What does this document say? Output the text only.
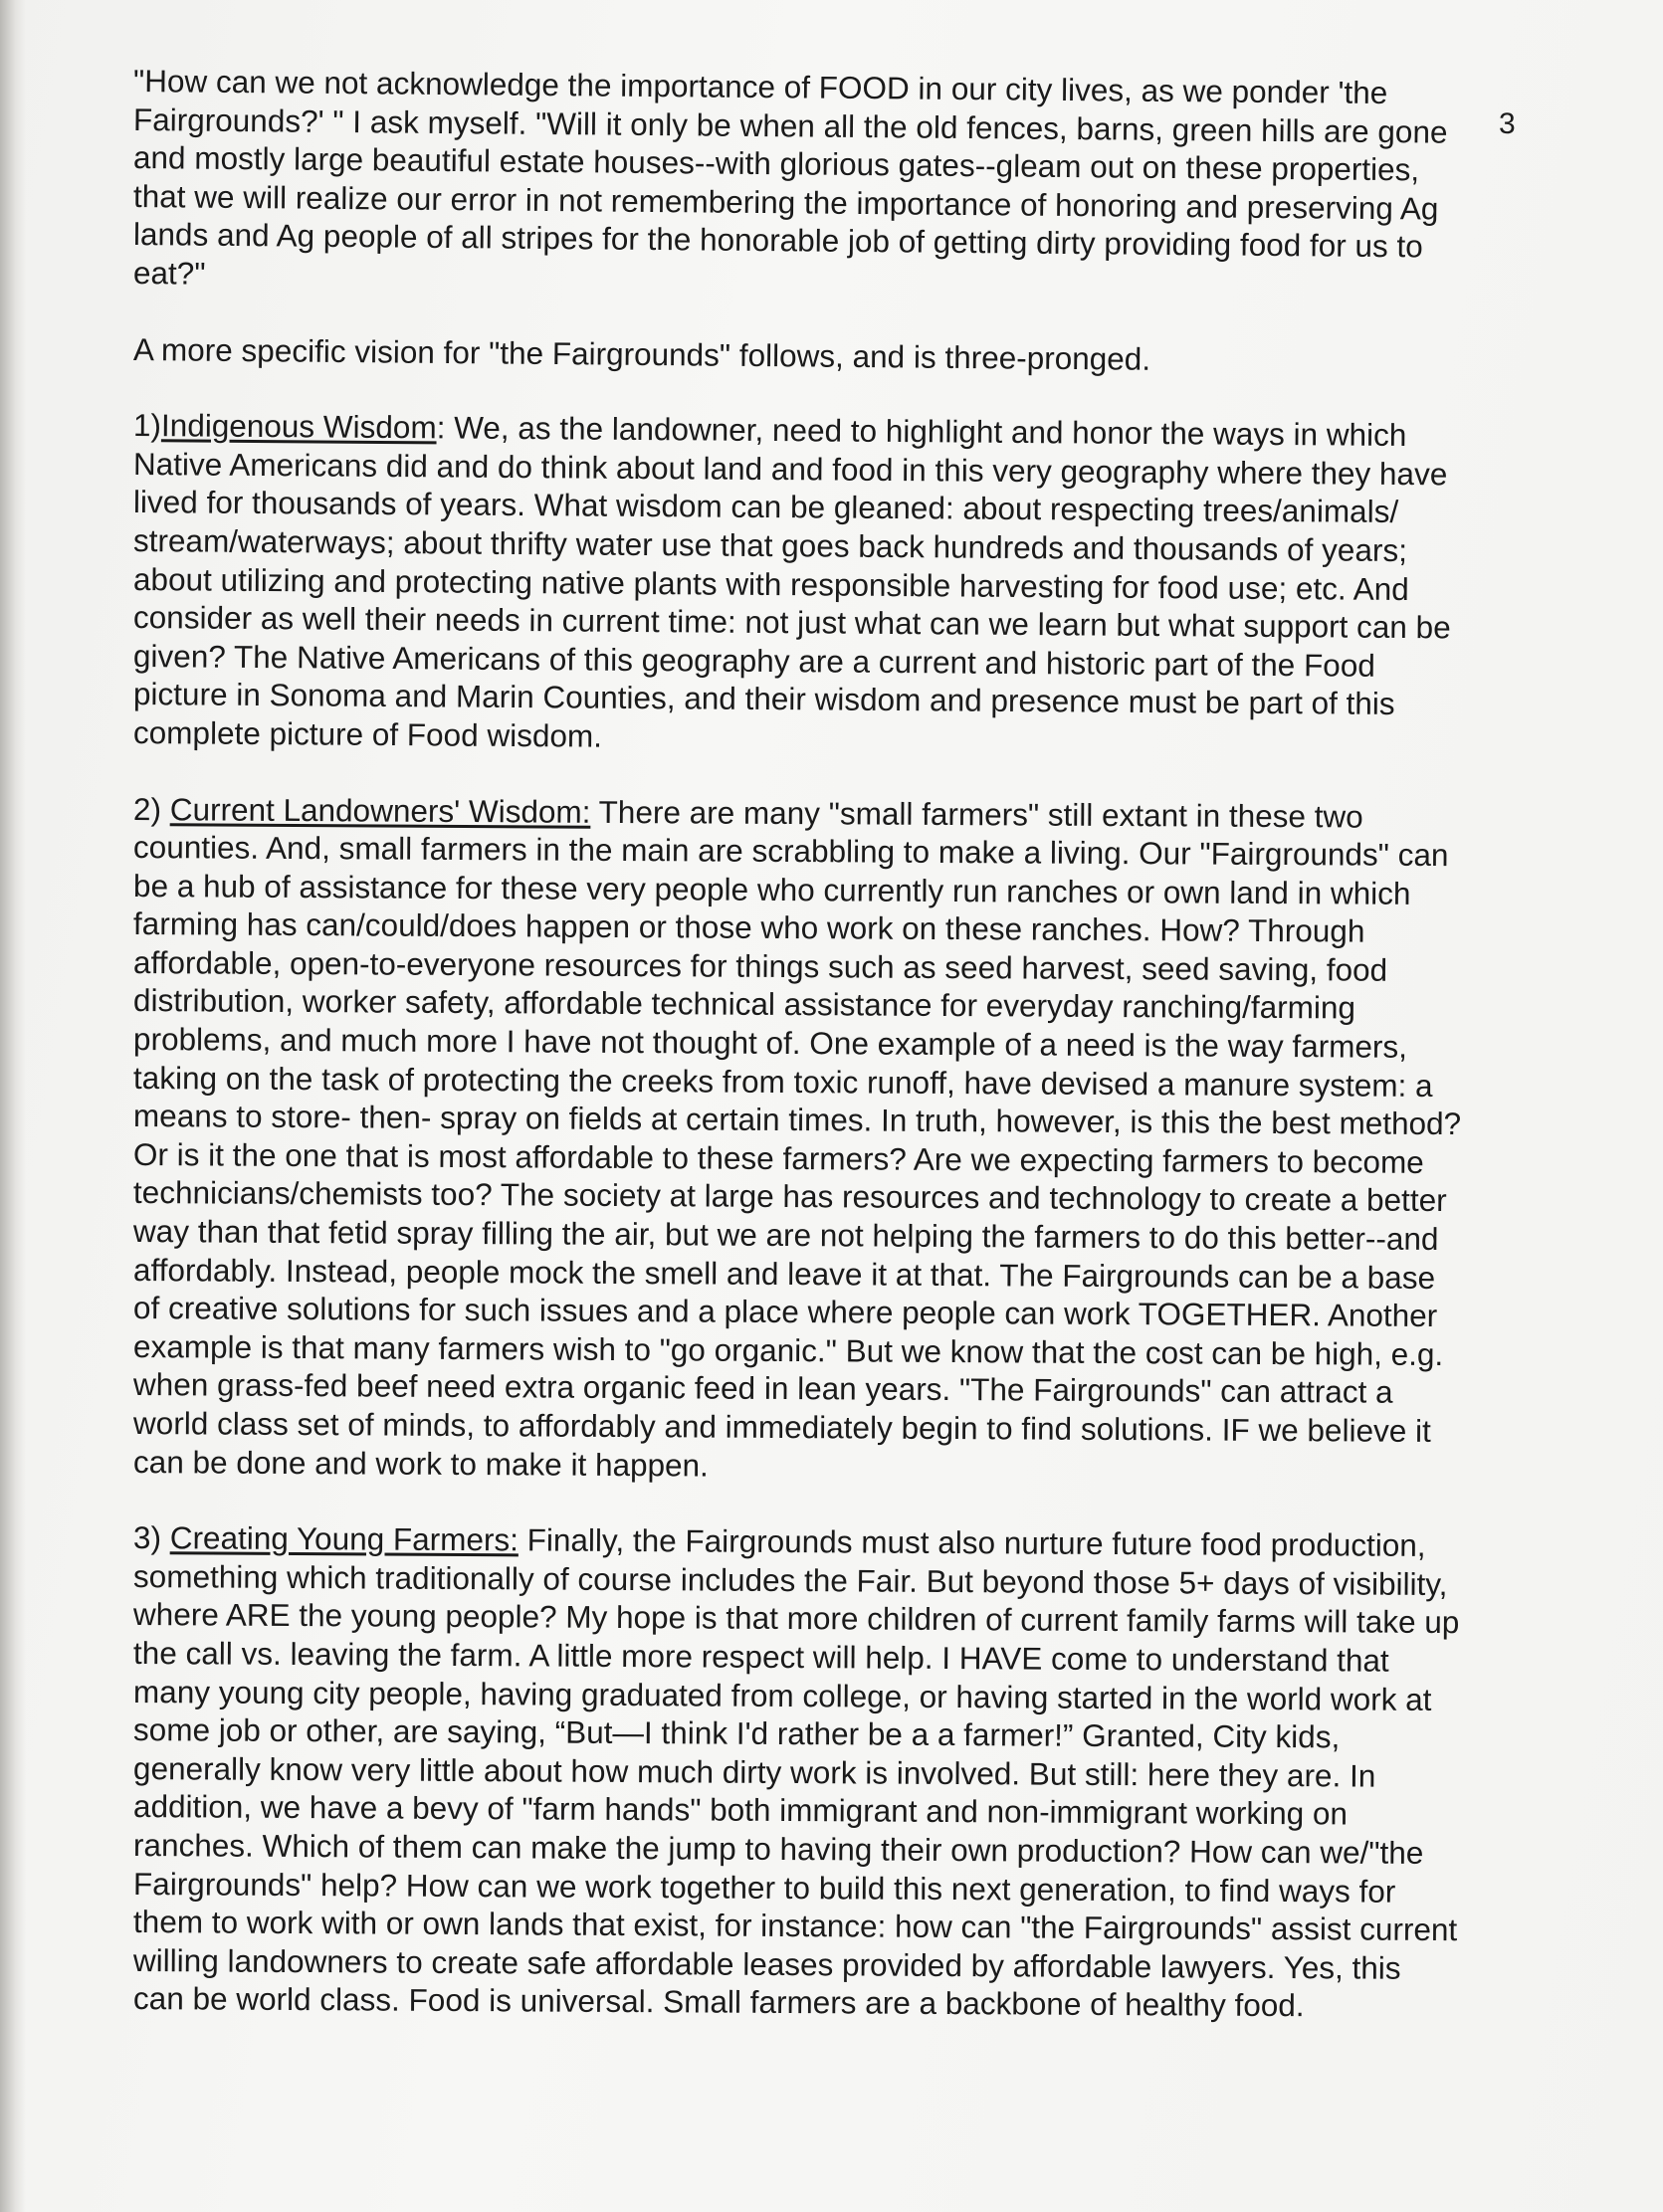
3
"How can we not acknowledge the importance of FOOD in our city lives, as we ponder 'the
Fairgrounds?' " I ask myself. "Will it only be when all the old fences, barns, green hills are gone
and mostly large beautiful estate houses--with glorious gates--gleam out on these properties,
that we will realize our error in not remembering the importance of honoring and preserving Ag
lands and Ag people of all stripes for the honorable job of getting dirty providing food for us to
eat?"
A more specific vision for "the Fairgrounds" follows, and is three-pronged.
1)Indigenous Wisdom: We, as the landowner, need to highlight and honor the ways in which
Native Americans did and do think about land and food in this very geography where they have
lived for thousands of years. What wisdom can be gleaned: about respecting trees/animals/
stream/waterways; about thrifty water use that goes back hundreds and thousands of years;
about utilizing and protecting native plants with responsible harvesting for food use; etc. And
consider as well their needs in current time: not just what can we learn but what support can be
given? The Native Americans of this geography are a current and historic part of the Food
picture in Sonoma and Marin Counties, and their wisdom and presence must be part of this
complete picture of Food wisdom.
2) Current Landowners' Wisdom: There are many "small farmers" still extant in these two
counties. And, small farmers in the main are scrabbling to make a living. Our "Fairgrounds" can
be a hub of assistance for these very people who currently run ranches or own land in which
farming has can/could/does happen or those who work on these ranches. How? Through
affordable, open-to-everyone resources for things such as seed harvest, seed saving, food
distribution, worker safety, affordable technical assistance for everyday ranching/farming
problems, and much more I have not thought of. One example of a need is the way farmers,
taking on the task of protecting the creeks from toxic runoff, have devised a manure system: a
means to store- then- spray on fields at certain times. In truth, however, is this the best method?
Or is it the one that is most affordable to these farmers? Are we expecting farmers to become
technicians/chemists too? The society at large has resources and technology to create a better
way than that fetid spray filling the air, but we are not helping the farmers to do this better--and
affordably. Instead, people mock the smell and leave it at that. The Fairgrounds can be a base
of creative solutions for such issues and a place where people can work TOGETHER. Another
example is that many farmers wish to "go organic." But we know that the cost can be high, e.g.
when grass-fed beef need extra organic feed in lean years. "The Fairgrounds" can attract a
world class set of minds, to affordably and immediately begin to find solutions. IF we believe it
can be done and work to make it happen.
3) Creating Young Farmers: Finally, the Fairgrounds must also nurture future food production,
something which traditionally of course includes the Fair. But beyond those 5+ days of visibility,
where ARE the young people? My hope is that more children of current family farms will take up
the call vs. leaving the farm. A little more respect will help. I HAVE come to understand that
many young city people, having graduated from college, or having started in the world work at
some job or other, are saying, “But—I think I'd rather be a a farmer!” Granted, City kids,
generally know very little about how much dirty work is involved. But still: here they are. In
addition, we have a bevy of "farm hands" both immigrant and non-immigrant working on
ranches. Which of them can make the jump to having their own production? How can we/"the
Fairgrounds" help? How can we work together to build this next generation, to find ways for
them to work with or own lands that exist, for instance: how can "the Fairgrounds" assist current
willing landowners to create safe affordable leases provided by affordable lawyers. Yes, this
can be world class. Food is universal. Small farmers are a backbone of healthy food.
